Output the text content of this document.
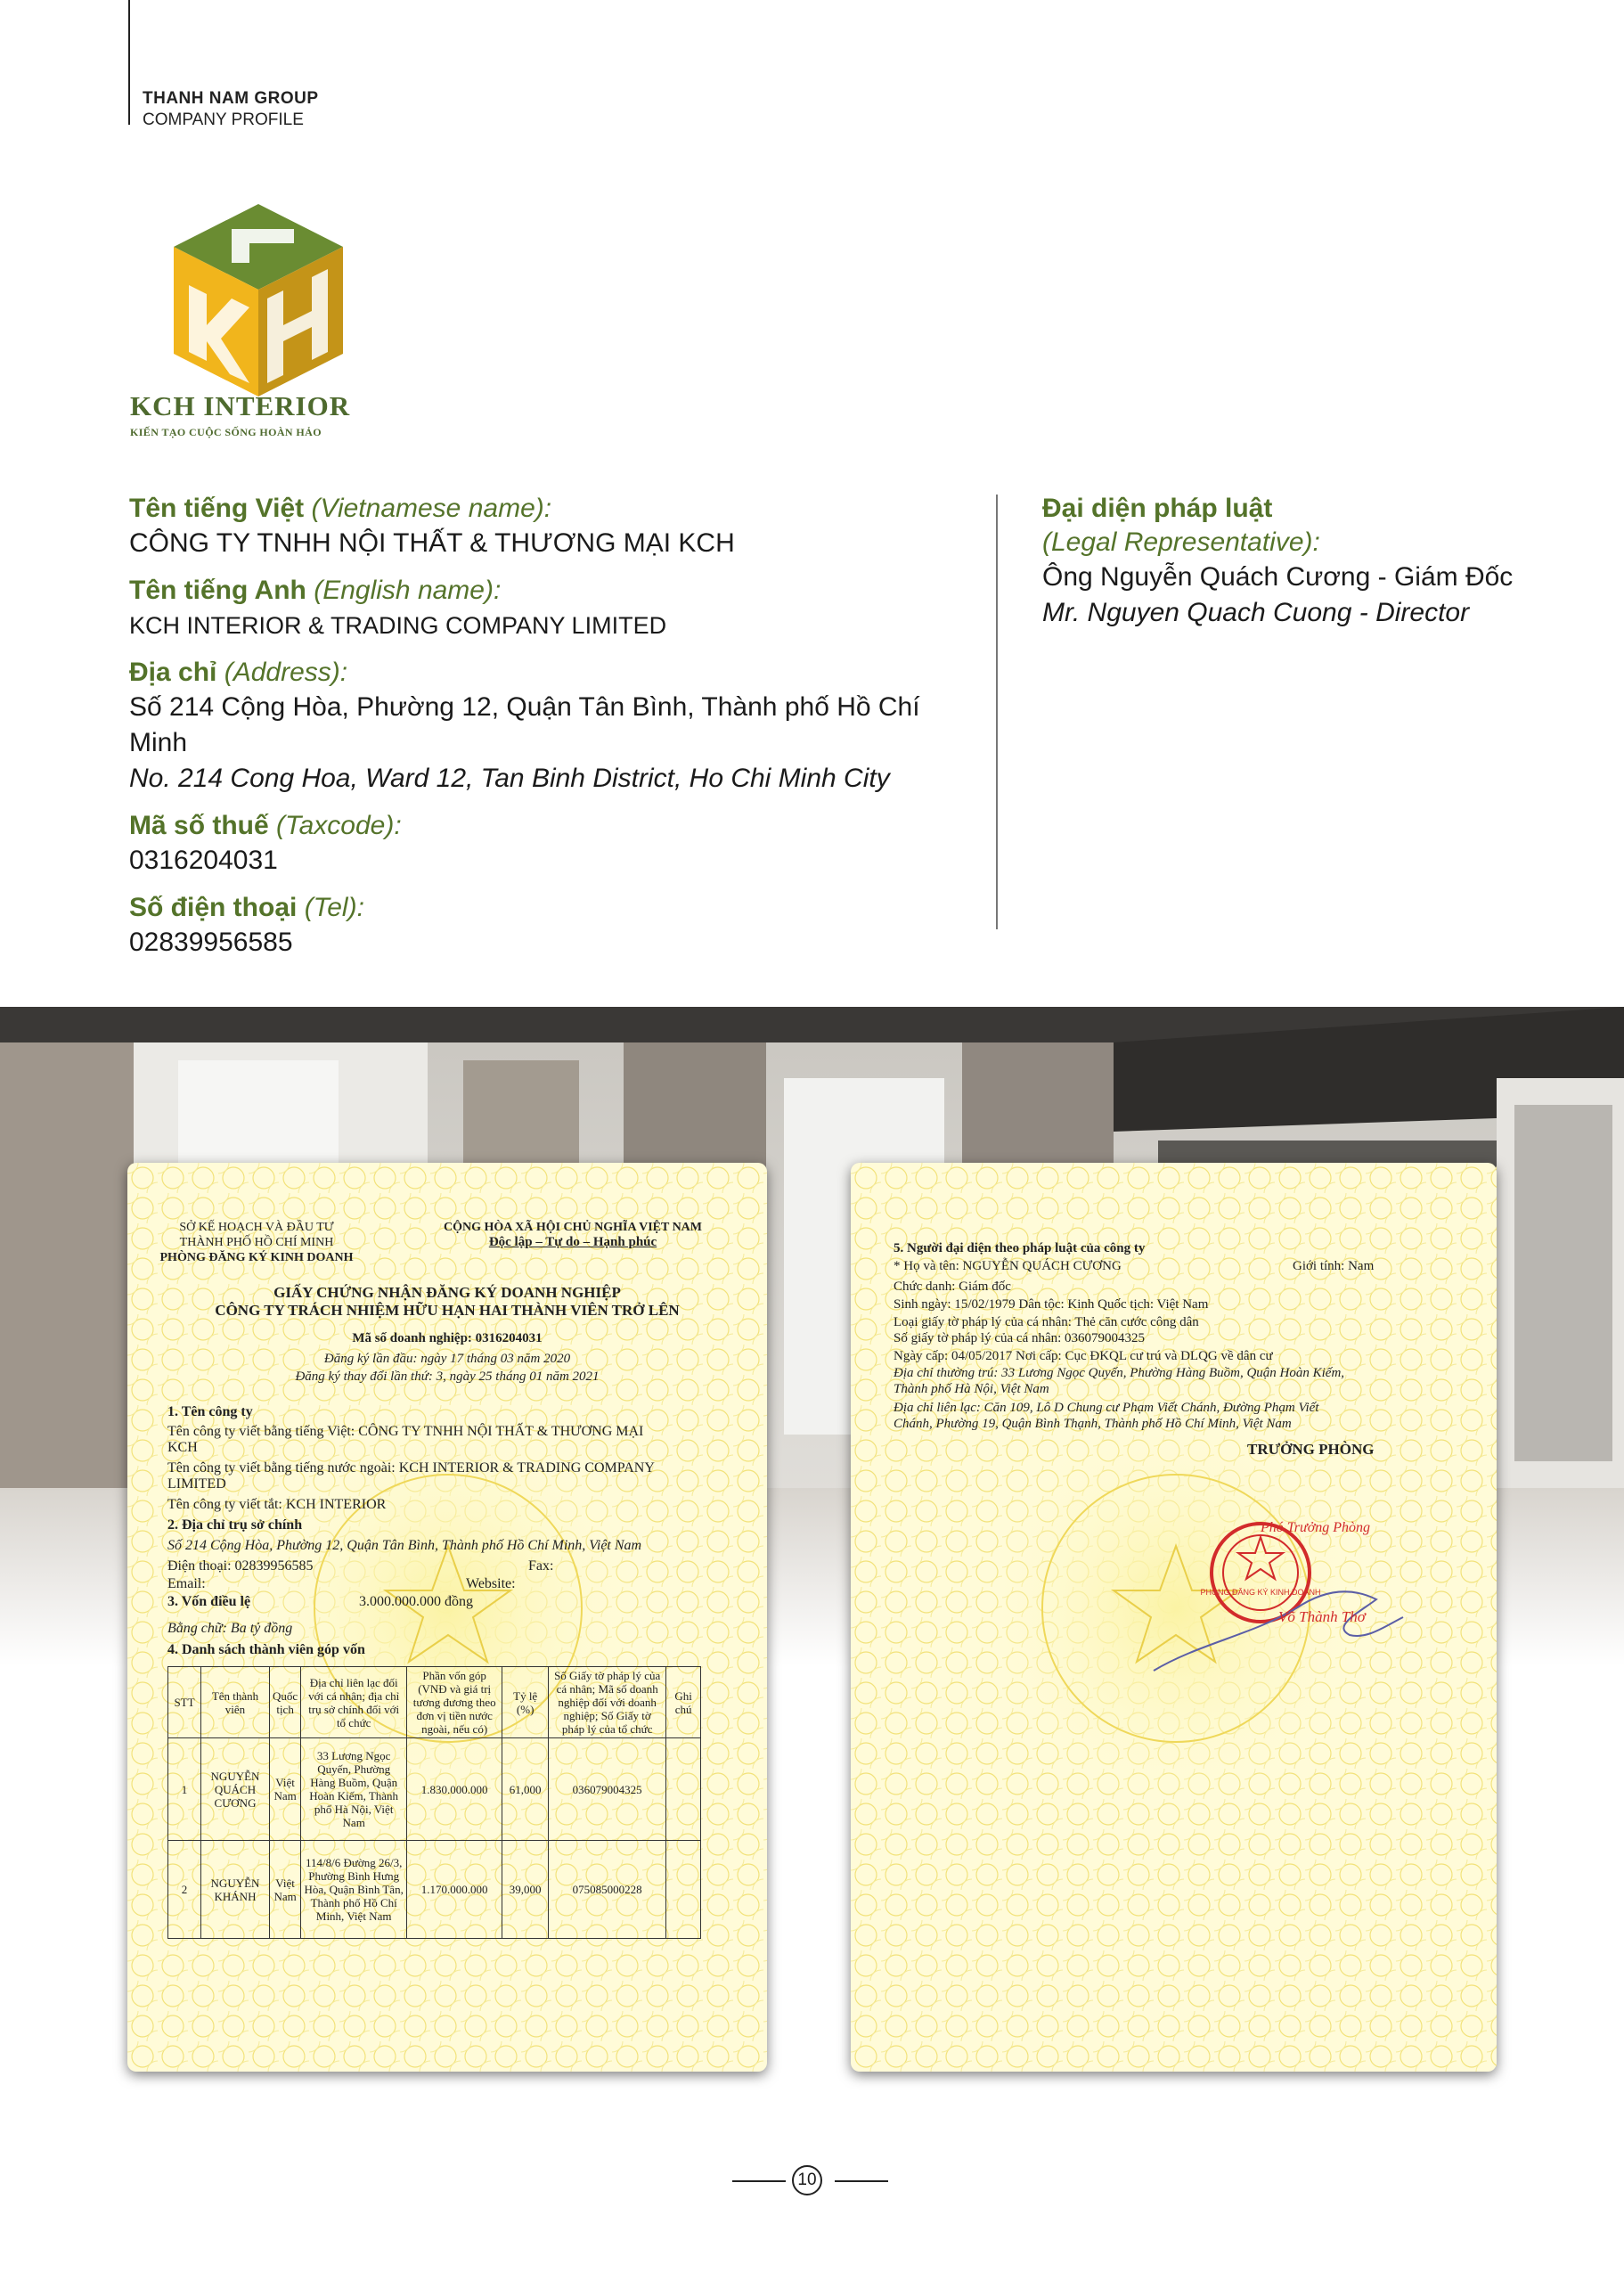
THANH NAM GROUP
COMPANY PROFILE
KCH INTERIOR
KIẾN TẠO CUỘC SỐNG HOÀN HẢO
Tên tiếng Việt (Vietnamese name):
CÔNG TY TNHH NỘI THẤT & THƯƠNG MẠI KCH
Tên tiếng Anh (English name):
KCH INTERIOR & TRADING COMPANY LIMITED
Địa chỉ (Address):
Số 214 Cộng Hòa, Phường 12, Quận Tân Bình, Thành phố Hồ Chí Minh
No. 214 Cong Hoa, Ward 12, Tan Binh District, Ho Chi Minh City
Mã số thuế (Taxcode):
0316204031
Số điện thoại (Tel):
02839956585
Đại diện pháp luật
(Legal Representative):
Ông Nguyễn Quách Cương - Giám Đốc
Mr. Nguyen Quach Cuong - Director
SỞ KẾ HOẠCH VÀ ĐẦU TƯ
THÀNH PHỐ HỒ CHÍ MINH
PHÒNG ĐĂNG KÝ KINH DOANH
CỘNG HÒA XÃ HỘI CHỦ NGHĨA VIỆT NAM
Độc lập – Tự do – Hạnh phúc
GIẤY CHỨNG NHẬN ĐĂNG KÝ DOANH NGHIỆP
CÔNG TY TRÁCH NHIỆM HỮU HẠN HAI THÀNH VIÊN TRỞ LÊN
Mã số doanh nghiệp: 0316204031
Đăng ký lần đầu: ngày 17 tháng 03 năm 2020
Đăng ký thay đổi lần thứ: 3, ngày 25 tháng 01 năm 2021
1. Tên công ty
Tên công ty viết bằng tiếng Việt: CÔNG TY TNHH NỘI THẤT & THƯƠNG MẠI
KCH
Tên công ty viết bằng tiếng nước ngoài: KCH INTERIOR & TRADING COMPANY
LIMITED
Tên công ty viết tắt: KCH INTERIOR
2. Địa chỉ trụ sở chính
Số 214 Cộng Hòa, Phường 12, Quận Tân Bình, Thành phố Hồ Chí Minh, Việt Nam
Điện thoại: 02839956585	Fax:
Email:	Website:
3. Vốn điều lệ	3.000.000.000 đồng
Bằng chữ: Ba tỷ đồng
4. Danh sách thành viên góp vốn
STT	Tên thành viên	Quốc tịch	Địa chỉ liên lạc đối với cá nhân; địa chỉ trụ sở chính đối với tổ chức	Phần vốn góp (VNĐ và giá trị tương đương theo đơn vị tiền nước ngoài, nếu có)	Tỷ lệ (%)	Số Giấy tờ pháp lý của cá nhân; Mã số doanh nghiệp đối với doanh nghiệp; Số Giấy tờ pháp lý của tổ chức	Ghi chú
1	NGUYỄN QUÁCH CƯƠNG	Việt Nam	33 Lương Ngọc Quyến, Phường Hàng Buồm, Quận Hoàn Kiếm, Thành phố Hà Nội, Việt Nam	1.830.000.000	61,000	036079004325	
2	NGUYỄN KHÁNH	Việt Nam	114/8/6 Đường 26/3, Phường Bình Hưng Hòa, Quận Bình Tân, Thành phố Hồ Chí Minh, Việt Nam	1.170.000.000	39,000	075085000228	
5. Người đại diện theo pháp luật của công ty
* Họ và tên: NGUYỄN QUÁCH CƯƠNG	Giới tính: Nam
Chức danh: Giám đốc
Sinh ngày: 15/02/1979 Dân tộc: Kinh Quốc tịch: Việt Nam
Loại giấy tờ pháp lý của cá nhân: Thẻ căn cước công dân
Số giấy tờ pháp lý của cá nhân: 036079004325
Ngày cấp: 04/05/2017 Nơi cấp: Cục ĐKQL cư trú và DLQG về dân cư
Địa chỉ thường trú: 33 Lương Ngọc Quyến, Phường Hàng Buồm, Quận Hoàn Kiếm,
Thành phố Hà Nội, Việt Nam
Địa chỉ liên lạc: Căn 109, Lô D Chung cư Phạm Viết Chánh, Đường Phạm Viết
Chánh, Phường 19, Quận Bình Thạnh, Thành phố Hồ Chí Minh, Việt Nam
TRƯỞNG PHÒNG
PHÒNG ĐĂNG KÝ KINH DOANH
Phó Trưởng Phòng
Võ Thành Thơ
10
